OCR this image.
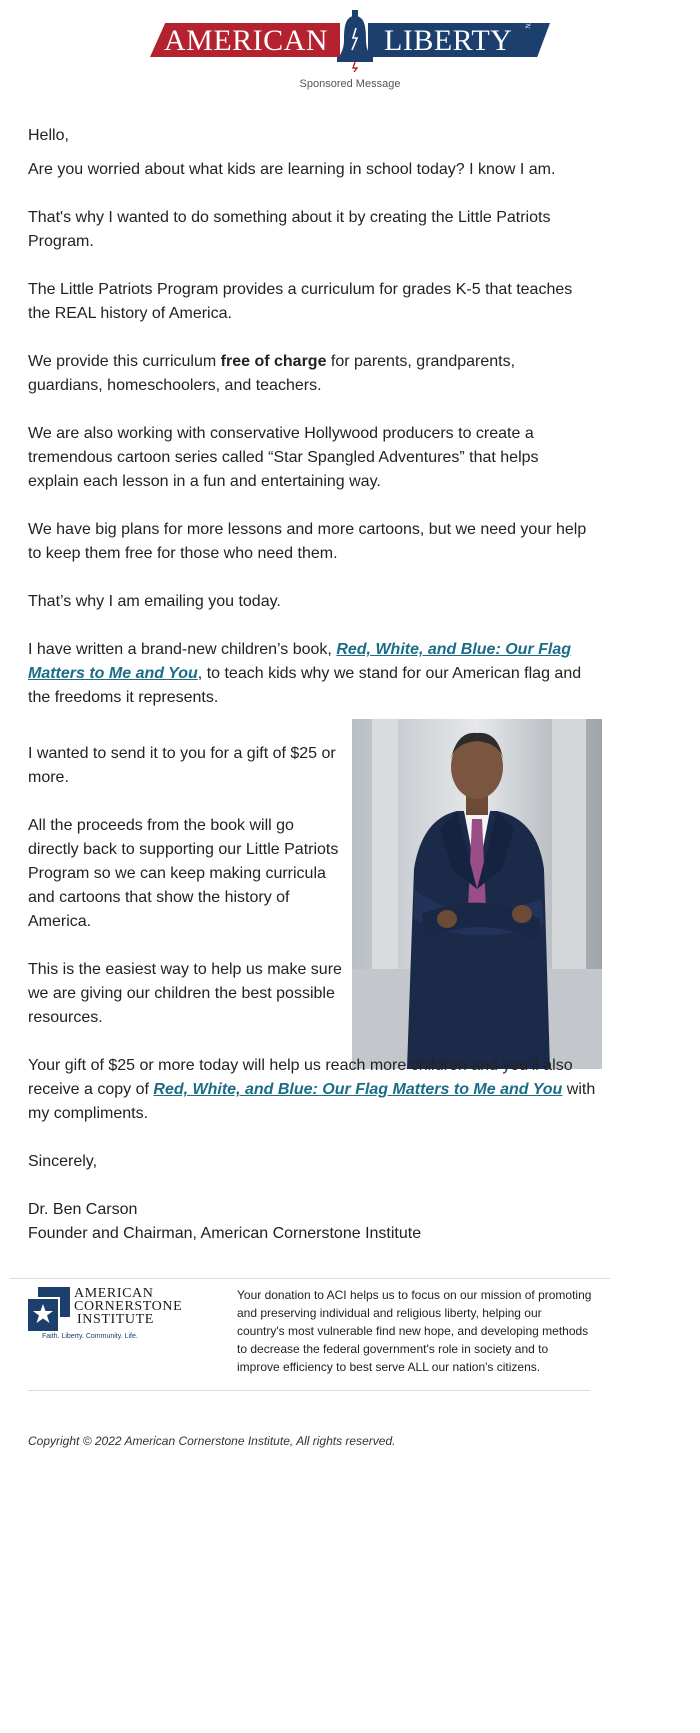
AMERICAN LIBERTY
NEWS
Sponsored Message

Hello,

Are you worried about what kids are learning in school today? I know I am.

That's why I wanted to do something about it by creating the Little Patriots Program.

The Little Patriots Program provides a curriculum for grades K-5 that teaches the REAL history of America.

We provide this curriculum free of charge for parents, grandparents, guardians, homeschoolers, and teachers.

We are also working with conservative Hollywood producers to create a tremendous cartoon series called “Star Spangled Adventures” that helps explain each lesson in a fun and entertaining way.

We have big plans for more lessons and more cartoons, but we need your help to keep them free for those who need them.

That’s why I am emailing you today.

I have written a brand-new children’s book, Red, White, and Blue: Our Flag Matters to Me and You, to teach kids why we stand for our American flag and the freedoms it represents.

I wanted to send it to you for a gift of $25 or more.

All the proceeds from the book will go directly back to supporting our Little Patriots Program so we can keep making curricula and cartoons that show the history of America.

This is the easiest way to help us make sure we are giving our children the best possible resources.

Your gift of $25 or more today will help us reach more children and you’ll also receive a copy of Red, White, and Blue: Our Flag Matters to Me and You with my compliments.

Sincerely,

Dr. Ben Carson

Founder and Chairman, American Cornerstone Institute

AMERICAN
CORNERSTONE
INSTITUTE
Faith. Liberty. Community. Life.
Your donation to ACI helps us to focus on our mission of promoting and preserving individual and religious liberty, helping our country's most vulnerable find new hope, and developing methods to decrease the federal government's role in society and to improve efficiency to best serve ALL our nation's citizens.
Copyright © 2022 American Cornerstone Institute, All rights reserved.
